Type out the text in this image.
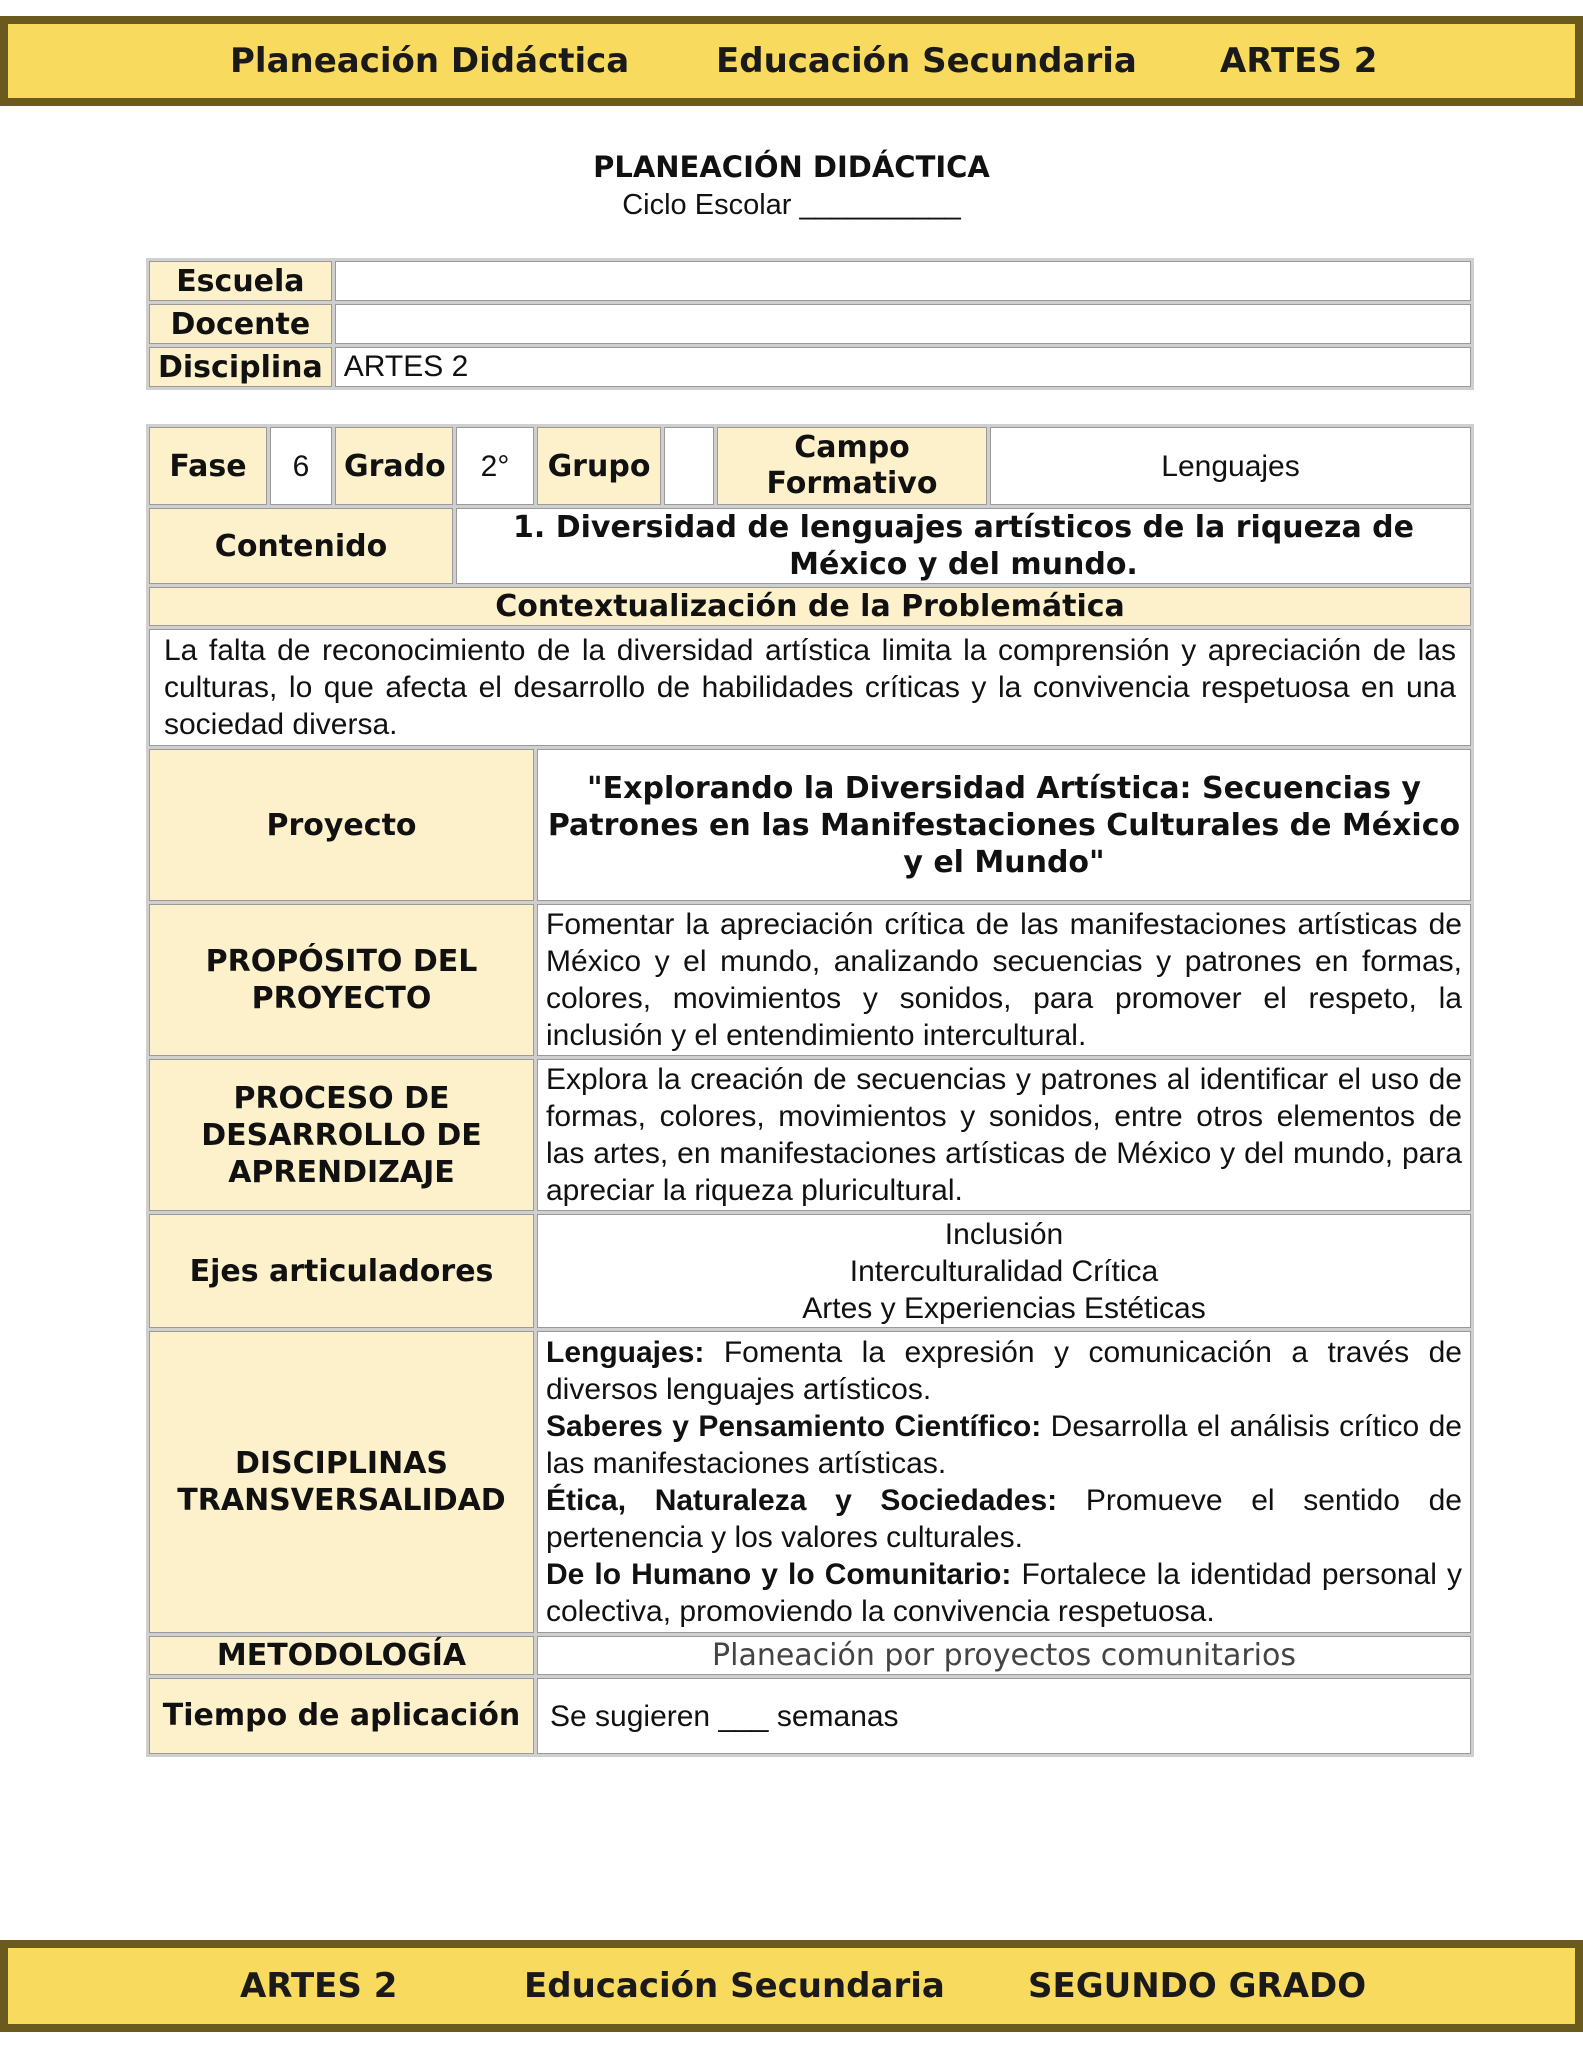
Planeación Didáctica	Educación Secundaria ARTES 2
PLANEACIÓN DIDÁCTICA
Ciclo Escolar __________
Escuela	
Docente	
Disciplina	ARTES 2
Fase	6	Grado	2°	Grupo		Campo Formativo	Lenguajes
Contenido			1. Diversidad de lenguajes artísticos de la riqueza de México y del mundo.				
Contextualización de la Problemática							
La falta de reconocimiento de la diversidad artística limita la comprensión y apreciación de las culturas, lo que afecta el desarrollo de habilidades críticas y la convivencia respetuosa en una sociedad diversa.							
Proyecto				"Explorando la Diversidad Artística: Secuencias y Patrones en las Manifestaciones Culturales de México y el Mundo"			
PROPÓSITO DEL PROYECTO				Fomentar la apreciación crítica de las manifestaciones artísticas de México y el mundo, analizando secuencias y patrones en formas, colores, movimientos y sonidos, para promover el respeto, la inclusión y el entendimiento intercultural.			
PROCESO DE DESARROLLO DE APRENDIZAJE				Explora la creación de secuencias y patrones al identificar el uso de formas, colores, movimientos y sonidos, entre otros elementos de las artes, en manifestaciones artísticas de México y del mundo, para apreciar la riqueza pluricultural.			
Ejes articuladores				Inclusión
Interculturalidad Crítica
Artes y Experiencias Estéticas			

DISCIPLINAS TRANSVERSALIDAD				Lenguajes: Fomenta la expresión y comunicación a través de diversos lenguajes artísticos.

Saberes y Pensamiento Científico: Desarrolla el análisis crítico de las manifestaciones artísticas.

Ética, Naturaleza y Sociedades: Promueve el sentido de pertenencia y los valores culturales.

De lo Humano y lo Comunitario: Fortalece la identidad personal y colectiva, promoviendo la convivencia respetuosa.			

METODOLOGÍA				Planeación por proyectos comunitarios			
Tiempo de aplicación				Se sugieren ___ semanas			
ARTES 2	Educación Secundaria SEGUNDO GRADO
